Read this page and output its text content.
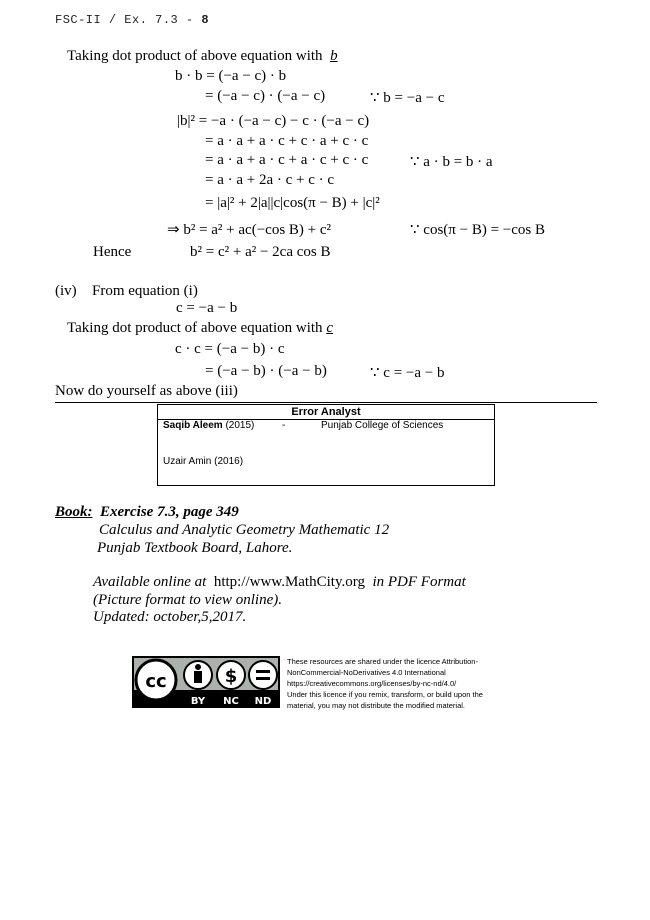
FSC-II / Ex. 7.3 - 8
Taking dot product of above equation with b
b · b = (−a − c) · b
= (−a − c) · (−a − c)	∵ b = −a − c
|b|² = −a · (−a − c) − c · (−a − c)
= a · a + a · c + c · a + c · c
= a · a + a · c + a · c + c · c	∵ a · b = b · a
= a · a + 2a · c + c · c
= |a|² + 2|a||c|cos(π − B) + |c|²
⇒ b² = a² + ac(−cos B) + c²	∵ cos(π − B) = −cos B
Hence	b² = c² + a² − 2ca cos B
(iv) From equation (i)
c = −a − b
Taking dot product of above equation with c
c · c = (−a − b) · c
= (−a − b) · (−a − b)	∵ c = −a − b
Now do yourself as above (iii)
Error Analyst
Saqib Aleem (2015)	-	Punjab College of Sciences
Uzair Amin (2016)
Book: Exercise 7.3, page 349
Calculus and Analytic Geometry Mathematic 12
Punjab Textbook Board, Lahore.
Available online at http://www.MathCity.org in PDF Format
(Picture format to view online).
Updated: october,5,2017.
cc	$
BY NC ND
These resources are shared under the licence Attribution-
NonCommercial-NoDerivatives 4.0 International
https://creativecommons.org/licenses/by-nc-nd/4.0/
Under this licence if you remix, transform, or build upon the
material, you may not distribute the modified material.
